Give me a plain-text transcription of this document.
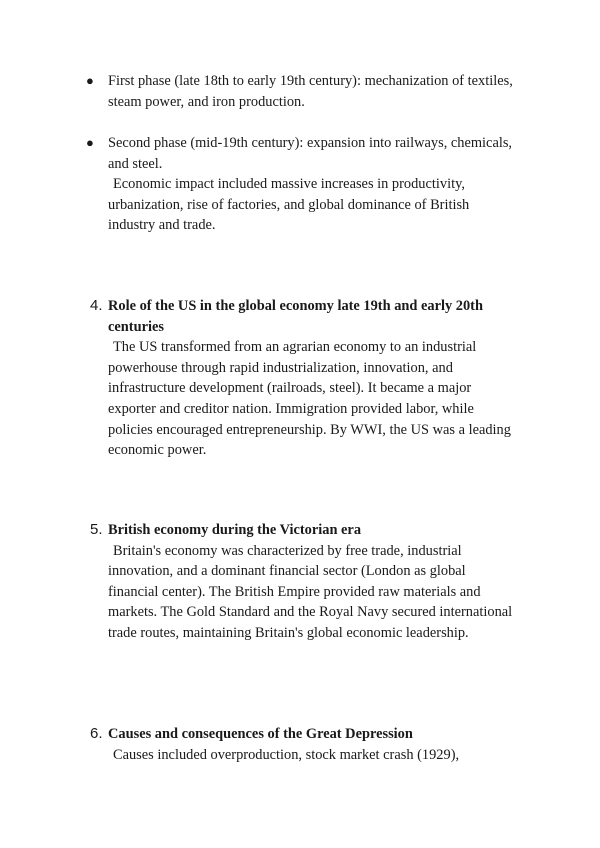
● First phase (late 18th to early 19th century): mechanization of textiles, steam power, and iron production.
● Second phase (mid-19th century): expansion into railways, chemicals, and steel.
Economic impact included massive increases in productivity, urbanization, rise of factories, and global dominance of British industry and trade.
4. Role of the US in the global economy late 19th and early 20th centuries
The US transformed from an agrarian economy to an industrial powerhouse through rapid industrialization, innovation, and infrastructure development (railroads, steel). It became a major exporter and creditor nation. Immigration provided labor, while policies encouraged entrepreneurship. By WWI, the US was a leading economic power.
5. British economy during the Victorian era
Britain's economy was characterized by free trade, industrial innovation, and a dominant financial sector (London as global financial center). The British Empire provided raw materials and markets. The Gold Standard and the Royal Navy secured international trade routes, maintaining Britain's global economic leadership.
6. Causes and consequences of the Great Depression
Causes included overproduction, stock market crash (1929),
